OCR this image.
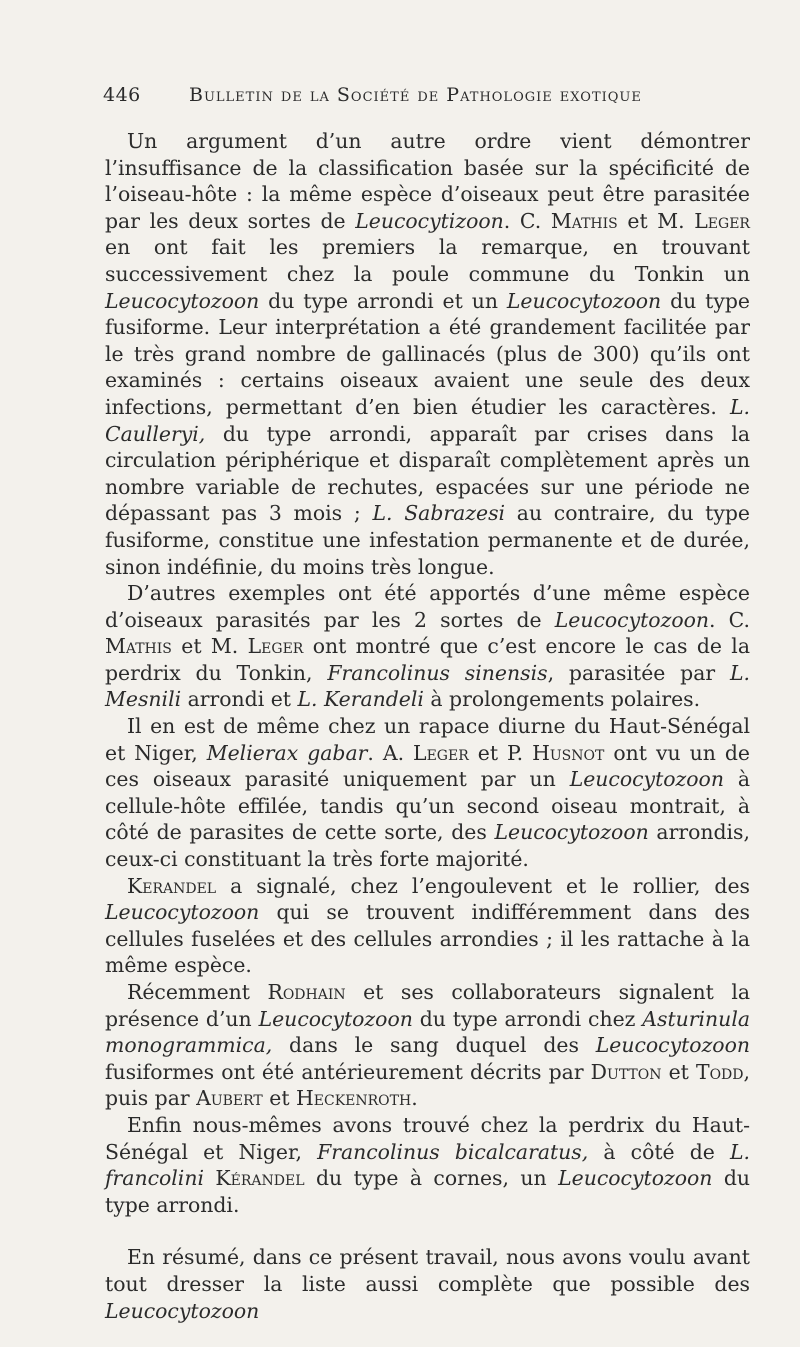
446	Bulletin de la Société de Pathologie exotique

Un argument d’un autre ordre vient démontrer l’insuffisance de la classification basée sur la spécificité de l’oiseau-hôte : la même espèce d’oiseaux peut être parasitée par les deux sortes de Leucocytizoon. C. Mathis et M. Leger en ont fait les premiers la remarque, en trouvant successivement chez la poule commune du Tonkin un Leucocytozoon du type arrondi et un Leucocytozoon du type fusiforme. Leur interprétation a été grandement facilitée par le très grand nombre de gallinacés (plus de 300) qu’ils ont examinés : certains oiseaux avaient une seule des deux infections, permettant d’en bien étudier les caractères. L. Caulleryi, du type arrondi, apparaît par crises dans la circulation périphérique et disparaît complètement après un nombre variable de rechutes, espacées sur une période ne dépassant pas 3 mois ; L. Sabrazesi au contraire, du type fusiforme, constitue une infestation permanente et de durée, sinon indéfinie, du moins très longue.

D’autres exemples ont été apportés d’une même espèce d’oiseaux parasités par les 2 sortes de Leucocytozoon. C. Mathis et M. Leger ont montré que c’est encore le cas de la perdrix du Tonkin, Francolinus sinensis, parasitée par L. Mesnili arrondi et L. Kerandeli à prolongements polaires.

Il en est de même chez un rapace diurne du Haut-Sénégal et Niger, Melierax gabar. A. Leger et P. Husnot ont vu un de ces oiseaux parasité uniquement par un Leucocytozoon à cellule-hôte effilée, tandis qu’un second oiseau montrait, à côté de parasites de cette sorte, des Leucocytozoon arrondis, ceux-ci constituant la très forte majorité.

Kerandel a signalé, chez l’engoulevent et le rollier, des Leucocytozoon qui se trouvent indifféremment dans des cellules fuselées et des cellules arrondies ; il les rattache à la même espèce.

Récemment Rodhain et ses collaborateurs signalent la présence d’un Leucocytozoon du type arrondi chez Asturinula monogrammica, dans le sang duquel des Leucocytozoon fusiformes ont été antérieurement décrits par Dutton et Todd, puis par Aubert et Heckenroth.

Enfin nous-mêmes avons trouvé chez la perdrix du Haut-Sénégal et Niger, Francolinus bicalcaratus, à côté de L. francolini Kérandel du type à cornes, un Leucocytozoon du type arrondi.

En résumé, dans ce présent travail, nous avons voulu avant tout dresser la liste aussi complète que possible des Leucocytozoon
